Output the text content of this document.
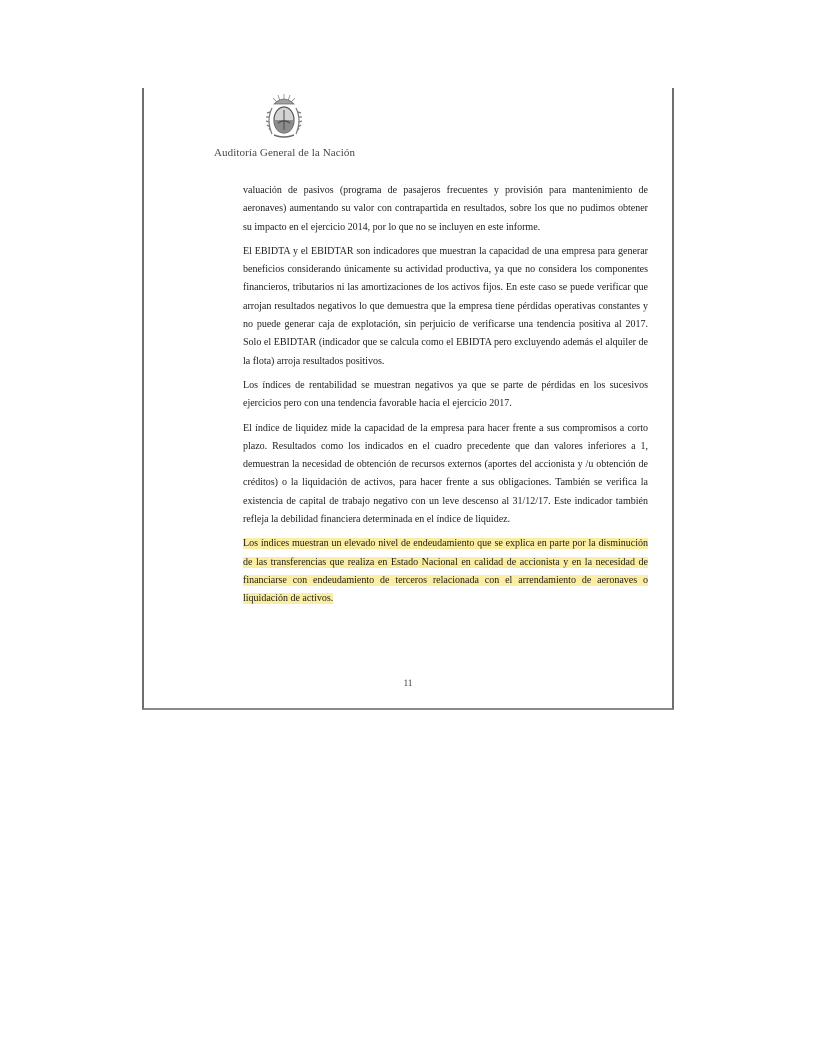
Auditoría General de la Nación

valuación de pasivos (programa de pasajeros frecuentes y provisión para mantenimiento de aeronaves) aumentando su valor con contrapartida en resultados, sobre los que no pudimos obtener su impacto en el ejercicio 2014, por lo que no se incluyen en este informe.

El EBIDTA y el EBIDTAR son indicadores que muestran la capacidad de una empresa para generar beneficios considerando únicamente su actividad productiva, ya que no considera los componentes financieros, tributarios ni las amortizaciones de los activos fijos. En este caso se puede verificar que arrojan resultados negativos lo que demuestra que la empresa tiene pérdidas operativas constantes y no puede generar caja de explotación, sin perjuicio de verificarse una tendencia positiva al 2017. Solo el EBIDTAR (indicador que se calcula como el EBIDTA pero excluyendo además el alquiler de la flota) arroja resultados positivos.

Los índices de rentabilidad se muestran negativos ya que se parte de pérdidas en los sucesivos ejercicios pero con una tendencia favorable hacia el ejercicio 2017.

El índice de liquidez mide la capacidad de la empresa para hacer frente a sus compromisos a corto plazo. Resultados como los indicados en el cuadro precedente que dan valores inferiores a 1, demuestran la necesidad de obtención de recursos externos (aportes del accionista y /u obtención de créditos) o la liquidación de activos, para hacer frente a sus obligaciones. También se verifica la existencia de capital de trabajo negativo con un leve descenso al 31/12/17. Este indicador también refleja la debilidad financiera determinada en el índice de liquidez.

Los índices muestran un elevado nivel de endeudamiento que se explica en parte por la disminución de las transferencias que realiza en Estado Nacional en calidad de accionista y en la necesidad de financiarse con endeudamiento de terceros relacionada con el arrendamiento de aeronaves o liquidación de activos.

11
